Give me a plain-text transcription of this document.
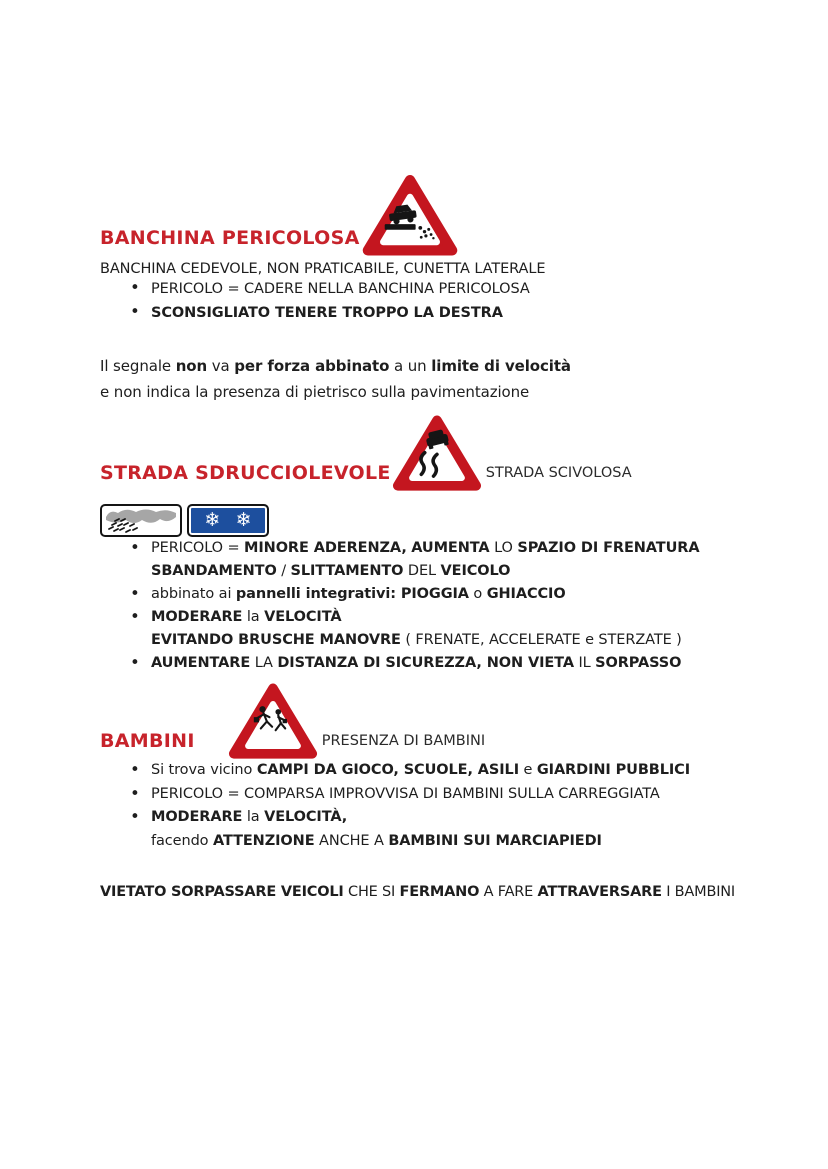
BANCHINA PERICOLOSA

BANCHINA CEDEVOLE, NON PRATICABILE, CUNETTA LATERALE

• PERICOLO = CADERE NELLA BANCHINA PERICOLOSA
• SCONSIGLIATO TENERE TROPPO LA DESTRA
Il segnale non va per forza abbinato a un limite di velocità
e non indica la presenza di pietrisco sulla pavimentazione
STRADA SDRUCCIOLEVOLE	STRADA SCIVOLOSA
❄ ❄
• PERICOLO = MINORE ADERENZA, AUMENTA LO SPAZIO DI FRENATURA
SBANDAMENTO / SLITTAMENTO DEL VEICOLO
• abbinato ai pannelli integrativi: PIOGGIA o GHIACCIO
• MODERARE la VELOCITÀ
EVITANDO BRUSCHE MANOVRE ( FRENATE, ACCELERATE e STERZATE )
• AUMENTARE LA DISTANZA DI SICUREZZA, NON VIETA IL SORPASSO
BAMBINI	PRESENZA DI BAMBINI
• Si trova vicino CAMPI DA GIOCO, SCUOLE, ASILI e GIARDINI PUBBLICI
• PERICOLO = COMPARSA IMPROVVISA DI BAMBINI SULLA CARREGGIATA
• MODERARE la VELOCITÀ,
facendo ATTENZIONE ANCHE A BAMBINI SUI MARCIAPIEDI

VIETATO SORPASSARE VEICOLI CHE SI FERMANO A FARE ATTRAVERSARE I BAMBINI
